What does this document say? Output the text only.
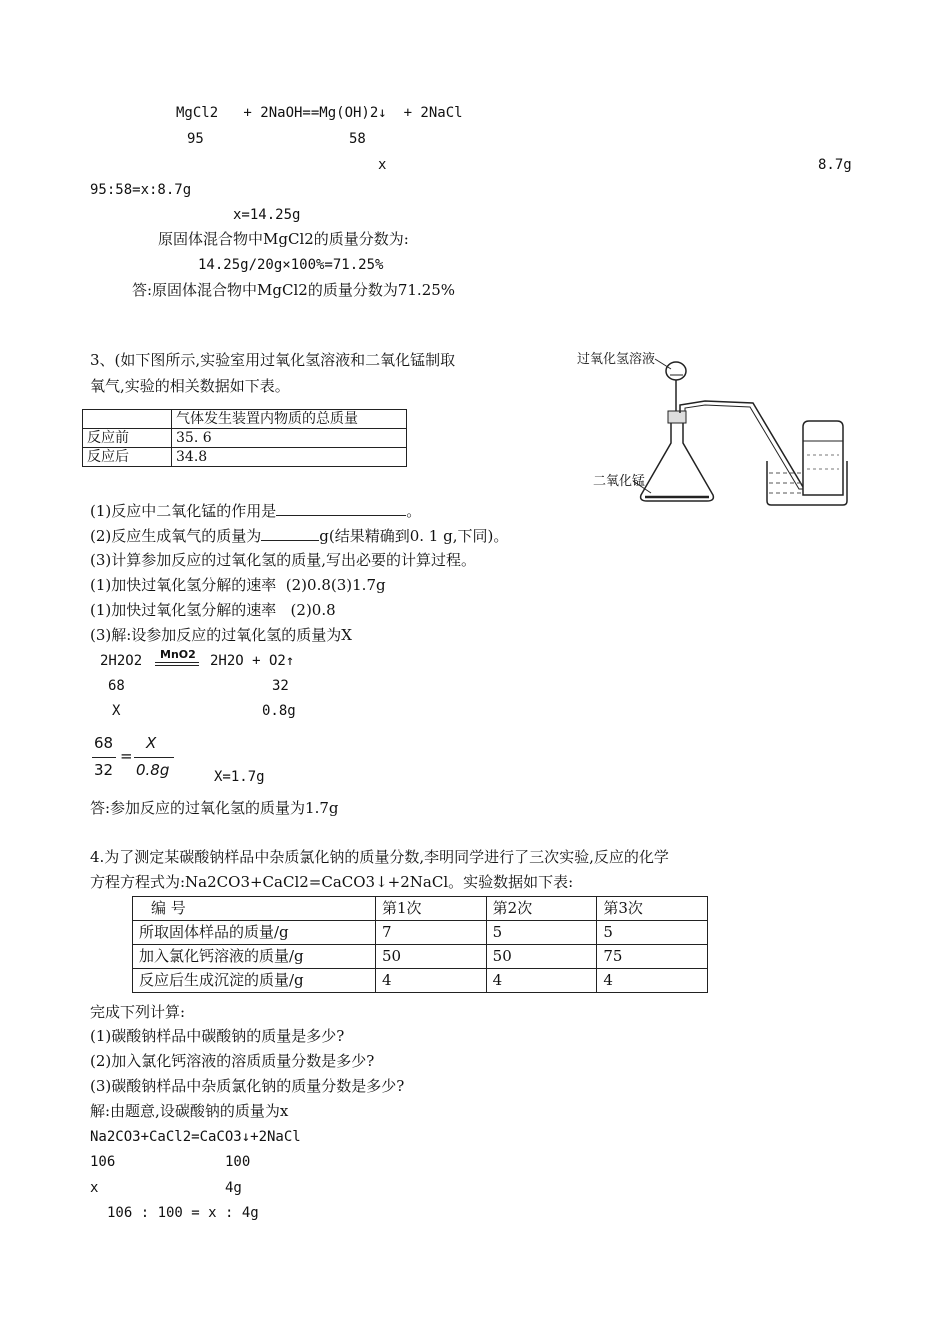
MgCl2   + 2NaOH==Mg(OH)2↓  + 2NaCl
95	58
x	8.7g
95:58=x:8.7g
x=14.25g
原固体混合物中MgCl2的质量分数为:
14.25g/20g×100%=71.25%
答:原固体混合物中MgCl2的质量分数为71.25%
3、(如下图所示,实验室用过氧化氢溶液和二氧化锰制取
氧气,实验的相关数据如下表。
	气体发生装置内物质的总质量
反应前	35. 6
反应后	34.8
过氧化氢溶液
二氧化锰
(1)反应中二氧化锰的作用是	。
(2)反应生成氧气的质量为	g(结果精确到0. 1 g,下同)。
(3)计算参加反应的过氧化氢的质量,写出必要的计算过程。
(1)加快过氧化氢分解的速率  (2)0.8(3)1.7g
(1)加快过氧化氢分解的速率   (2)0.8
(3)解:设参加反应的过氧化氢的质量为X
2H2O2 MnO2 2H2O + O2↑
68	32
X	0.8g
68
32
=
X
0.8g	X=1.7g
答:参加反应的过氧化氢的质量为1.7g
4.为了测定某碳酸钠样品中杂质氯化钠的质量分数,李明同学进行了三次实验,反应的化学
方程方程式为:Na2CO3+CaCl2=CaCO3↓+2NaCl。实验数据如下表:
编 号	第1次	第2次	第3次
所取固体样品的质量/g	7	5	5
加入氯化钙溶液的质量/g	50	50	75
反应后生成沉淀的质量/g	4	4	4
完成下列计算:
(1)碳酸钠样品中碳酸钠的质量是多少?
(2)加入氯化钙溶液的溶质质量分数是多少?
(3)碳酸钠样品中杂质氯化钠的质量分数是多少?
解:由题意,设碳酸钠的质量为x
Na2CO3+CaCl2=CaCO3↓+2NaCl
106	100
x	4g
106 : 100 = x : 4g
